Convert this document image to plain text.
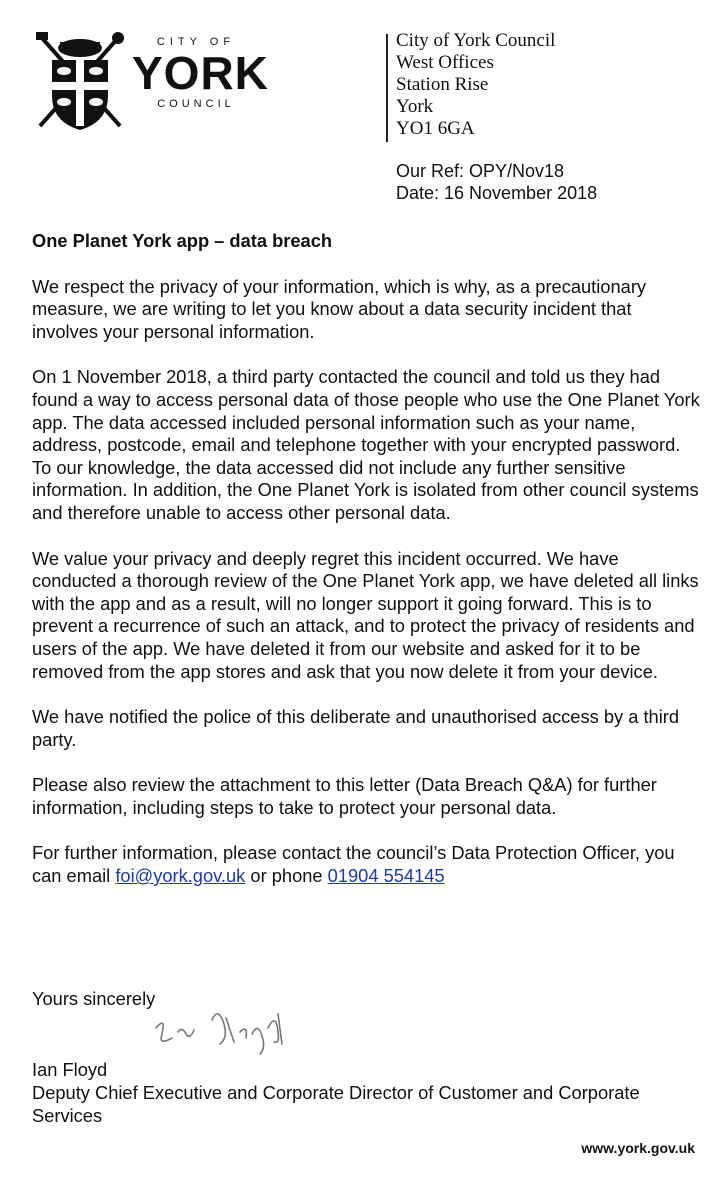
CITY OF
YORK
COUNCIL
City of York Council
West Offices
Station Rise
York
YO1 6GA
Our Ref: OPY/Nov18
Date: 16 November 2018

One Planet York app – data breach

We respect the privacy of your information, which is why, as a precautionary measure, we are writing to let you know about a data security incident that involves your personal information.

On 1 November 2018, a third party contacted the council and told us they had found a way to access personal data of those people who use the One Planet York app. The data accessed included personal information such as your name, address, postcode, email and telephone together with your encrypted password. To our knowledge, the data accessed did not include any further sensitive information. In addition, the One Planet York is isolated from other council systems and therefore unable to access other personal data.

We value your privacy and deeply regret this incident occurred. We have conducted a thorough review of the One Planet York app, we have deleted all links with the app and as a result, will no longer support it going forward. This is to prevent a recurrence of such an attack, and to protect the privacy of residents and users of the app. We have deleted it from our website and asked for it to be removed from the app stores and ask that you now delete it from your device.

We have notified the police of this deliberate and unauthorised access by a third party.

Please also review the attachment to this letter (Data Breach Q&A) for further information, including steps to take to protect your personal data.

For further information, please contact the council’s Data Protection Officer, you can email foi@york.gov.uk or phone 01904 554145

Yours sincerely
Ian Floyd
Deputy Chief Executive and Corporate Director of Customer and Corporate Services
www.york.gov.uk
